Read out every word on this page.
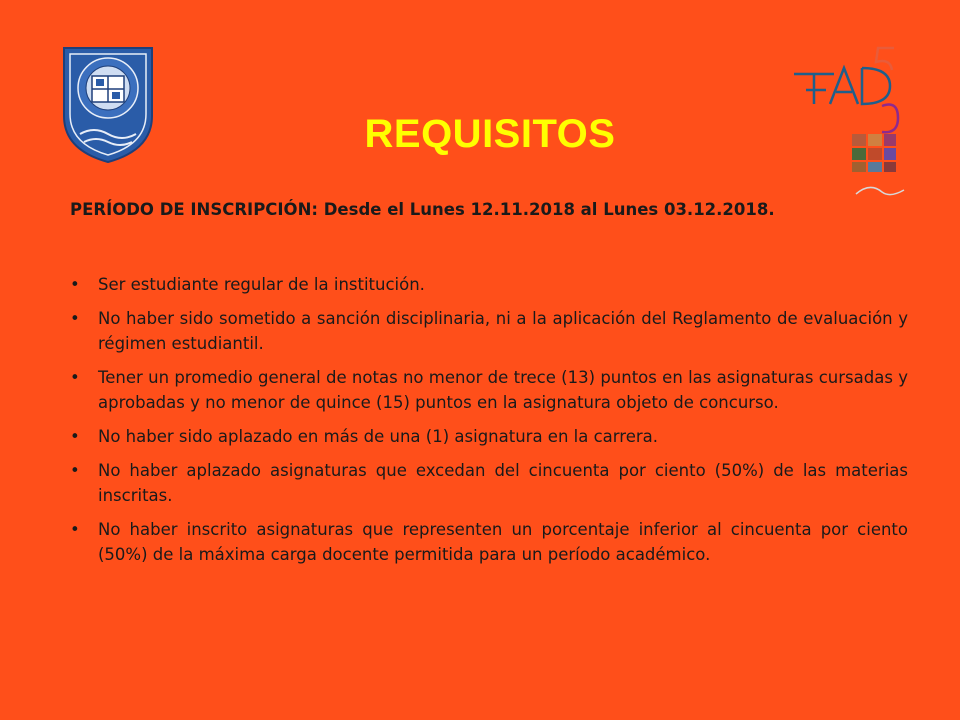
REQUISITOS
PERÍODO DE INSCRIPCIÓN: Desde el Lunes 12.11.2018 al Lunes 03.12.2018.
• Ser estudiante regular de la institución.
• No haber sido sometido a sanción disciplinaria, ni a la aplicación del Reglamento de evaluación y régimen estudiantil.
• Tener un promedio general de notas no menor de trece (13) puntos en las asignaturas cursadas y aprobadas y no menor de quince (15) puntos en la asignatura objeto de concurso.
• No haber sido aplazado en más de una (1) asignatura en la carrera.
• No haber aplazado asignaturas que excedan del cincuenta por ciento (50%) de las materias inscritas.
• No haber inscrito asignaturas que representen un porcentaje inferior al cincuenta por ciento (50%) de la máxima carga docente permitida para un período académico.
